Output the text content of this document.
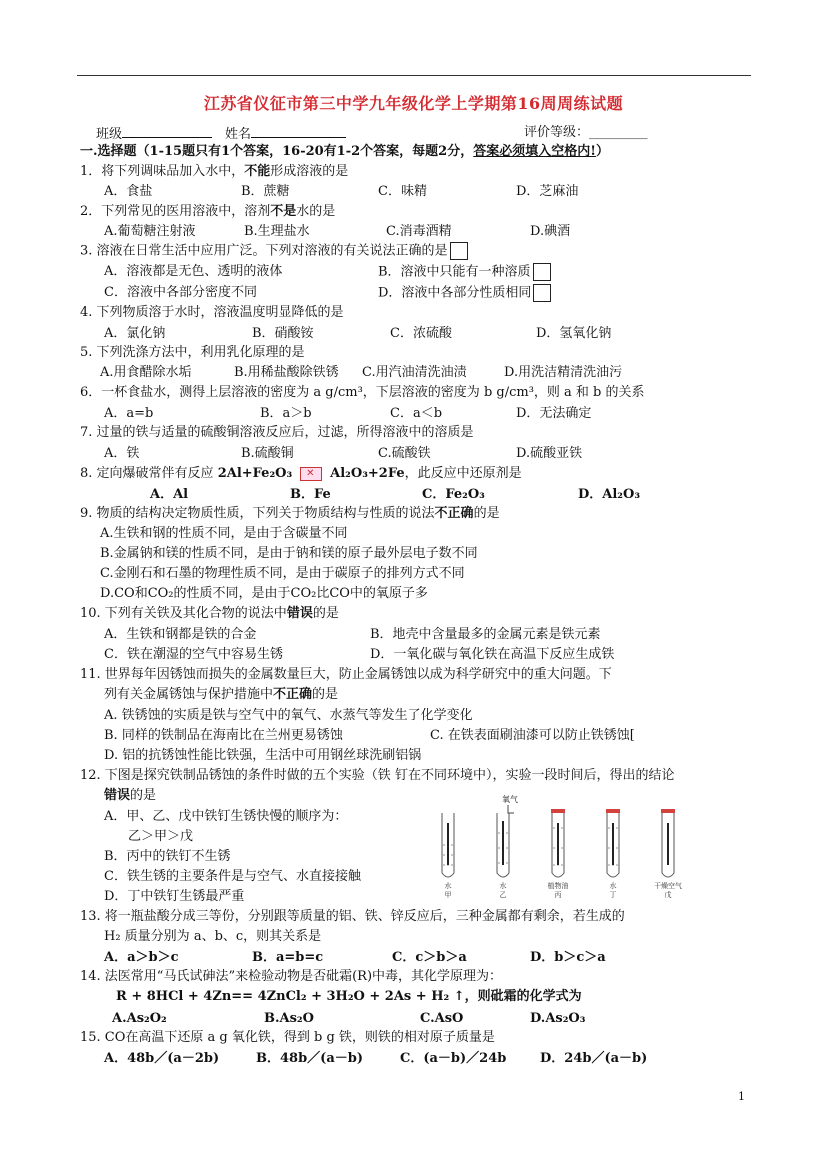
江苏省仪征市第三中学九年级化学上学期第16周周练试题
班级	姓名	评价等级：_________
一.选择题（1-15题只有1个答案，16-20有1-2个答案，每题2分，答案必须填入空格内!）
1．将下列调味品加入水中，不能形成溶液的是
A．食盐	B．蔗糖	C．味精	D．芝麻油
2．下列常见的医用溶液中，溶剂不是水的是
A.葡萄糖注射液	B.生理盐水	C.消毒酒精	D.碘酒
3. 溶液在日常生活中应用广泛。下列对溶液的有关说法正确的是
A．溶液都是无色、透明的液体	B．溶液中只能有一种溶质
C．溶液中各部分密度不同	D．溶液中各部分性质相同
4. 下列物质溶于水时，溶液温度明显降低的是
A．氯化钠	B．硝酸铵	C．浓硫酸	D．氢氧化钠
5. 下列洗涤方法中，利用乳化原理的是
A.用食醋除水垢	B.用稀盐酸除铁锈 C.用汽油清洗油渍	D.用洗洁精清洗油污
6．一杯食盐水，测得上层溶液的密度为 a g/cm³，下层溶液的密度为 b g/cm³，则 a 和 b 的关系
A．a=b	B．a＞b	C．a＜b	D．无法确定
7. 过量的铁与适量的硫酸铜溶液反应后，过滤，所得溶液中的溶质是
A．铁	B.硫酸铜	C.硫酸铁	D.硫酸亚铁
8. 定向爆破常伴有反应 2Al+Fe₂O₃✕	Al₂O₃+2Fe，此反应中还原剂是
A．Al	B．Fe	C．Fe₂O₃	D．Al₂O₃
9. 物质的结构决定物质性质，下列关于物质结构与性质的说法不正确的是
A.生铁和钢的性质不同，是由于含碳量不同
B.金属钠和镁的性质不同，是由于钠和镁的原子最外层电子数不同
C.金刚石和石墨的物理性质不同，是由于碳原子的排列方式不同
D.CO和CO₂的性质不同，是由于CO₂比CO中的氧原子多
10. 下列有关铁及其化合物的说法中错误的是
A．生铁和钢都是铁的合金	B．地壳中含量最多的金属元素是铁元素
C．铁在潮湿的空气中容易生锈	D．一氧化碳与氧化铁在高温下反应生成铁
11. 世界每年因锈蚀而损失的金属数量巨大，防止金属锈蚀以成为科学研究中的重大问题。下
列有关金属锈蚀与保护措施中不正确的是
A. 铁锈蚀的实质是铁与空气中的氧气、水蒸气等发生了化学变化
B. 同样的铁制品在海南比在兰州更易锈蚀	C. 在铁表面刷油漆可以防止铁锈蚀[
D. 铝的抗锈蚀性能比铁强，生活中可用钢丝球洗刷铝锅
12. 下图是探究铁制品锈蚀的条件时做的五个实验（铁 钉在不同环境中），实验一段时间后，得出的结论
错误的是
A．甲、乙、戊中铁钉生锈快慢的顺序为：
乙＞甲＞戊
B．丙中的铁钉不生锈
C．铁生锈的主要条件是与空气、水直接接触
D．丁中铁钉生锈最严重
氧气
水
甲
水
乙
植物油
丙
水
丁
干燥空气
戊
13. 将一瓶盐酸分成三等份，分别跟等质量的铝、铁、锌反应后，三种金属都有剩余，若生成的
H₂ 质量分别为 a、b、c，则其关系是
A．a＞b＞c	B．a=b=c	C．c＞b＞a	D．b＞c＞a
14. 法医常用“马氏试砷法”来检验动物是否砒霜(R)中毒，其化学原理为：
R + 8HCl + 4Zn== 4ZnCl₂ + 3H₂O + 2As + H₂ ↑，则砒霜的化学式为
A.As₂O₂	B.As₂O	C.AsO	D.As₂O₃
15. CO在高温下还原 a g 氧化铁，得到 b g 铁，则铁的相对原子质量是
A．48b／(a－2b)	B．48b／(a－b)	C．(a－b)／24b	D．24b／(a－b)
1
